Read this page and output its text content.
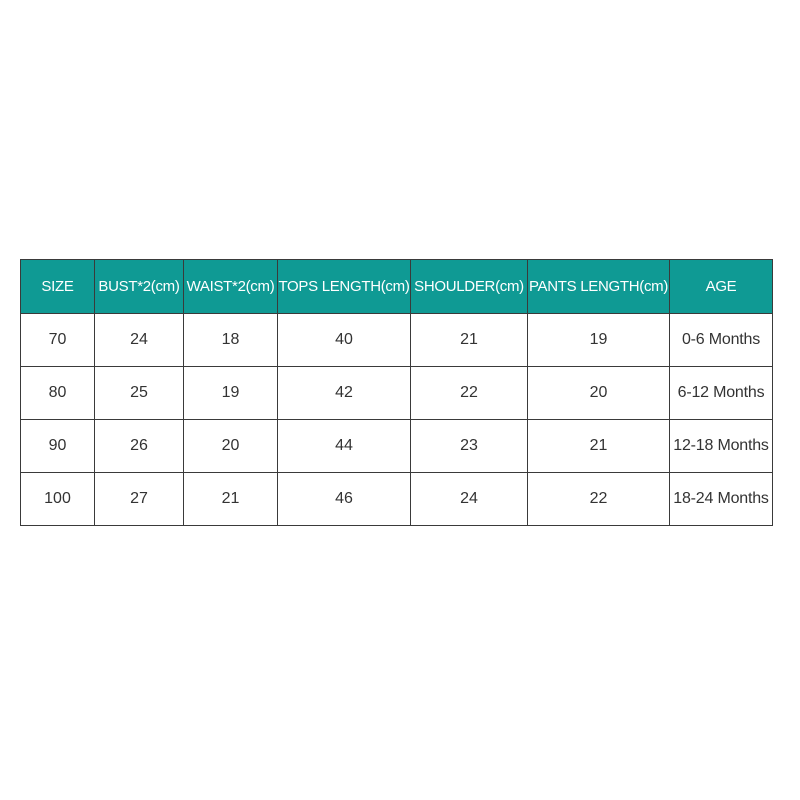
SIZE	BUST*2(cm)	WAIST*2(cm)	TOPS LENGTH(cm)	SHOULDER(cm)	PANTS LENGTH(cm)	AGE
70	24	18	40	21	19	0-6 Months
80	25	19	42	22	20	6-12 Months
90	26	20	44	23	21	12-18 Months
100	27	21	46	24	22	18-24 Months
